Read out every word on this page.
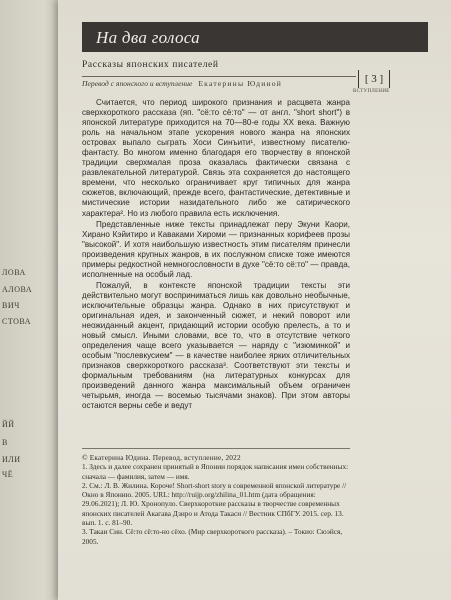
ЛОВА
АЛОВА
ВИЧ
СТОВА
ЙЙ
В
ИЛИ
ЧЁ
На два голоса
Рассказы японских писателей
Перевод с японского и вступление Екатерины Юдиной	[ 3 ]
ВСТУПЛЕНИЕ

Считается, что период широкого признания и расцвета жанра сверхкороткого рассказа (яп. "сё:то сё:то" — от англ. "short short") в японской литературе приходится на 70—80-е годы XX века. Важную роль на начальном этапе ускорения нового жанра на японских островах выпало сыграть Хоси Синъити¹, известному писателю-фантасту. Во многом именно благодаря его творчеству в японской традиции сверхмалая проза оказалась фактически связана с развлекательной литературой. Связь эта сохраняется до настоящего времени, что несколько ограничивает круг типичных для жанра сюжетов, включающий, прежде всего, фантастические, детективные и мистические истории назидательного либо же сатирического характера². Но из любого правила есть исключения.

Представленные ниже тексты принадлежат перу Экуни Каори, Хирано Кэйитиро и Каваками Хироми — признанных корифеев прозы "высокой". И хотя наибольшую известность этим писателям принесли произведения крупных жанров, в их послужном списке тоже имеются примеры редкостной немногословности в духе "сё:то сё:то" — правда, исполненные на особый лад.

Пожалуй, в контексте японской традиции тексты эти действительно могут восприниматься лишь как довольно необычные, исключительные образцы жанра. Однако в них присутствуют и оригинальная идея, и законченный сюжет, и некий поворот или неожиданный акцент, придающий истории особую прелесть, а то и новый смысл. Иными словами, все то, что в отсутствие четкого определения чаще всего указывается — наряду с "изюминкой" и особым "послевкусием" — в качестве наиболее ярких отличительных признаков сверхкороткого рассказа³. Соответствуют эти тексты и формальным требованиям (на литературных конкурсах для произведений данного жанра максимальный объем ограничен четырьмя, иногда — восемью тысячами знаков). При этом авторы остаются верны себе и ведут

© Екатерина Юдина. Перевод, вступление, 2022
1. Здесь и далее сохранен принятый в Японии порядок написания имен собственных: сначала — фамилия, затем — имя.
2. См.: Л. В. Жилина. Короче! Short-short story в современной японской литературе // Окно в Японию. 2005. URL: http://ruijp.org/zhilina_01.htm (дата обращения: 29.06.2021); Л. Ю. Хронопуло. Сверхкороткие рассказы в творчестве современных японских писателей Акагава Дзиро и Атода Такаси // Вестник СПбГУ. 2015. сер. 13. вып. 1. с. 81–90.
3. Такаи Син. Сё:то сё:то-но сёхо. (Мир сверхкороткого рассказа). – Токио: Сюэйся, 2005.
